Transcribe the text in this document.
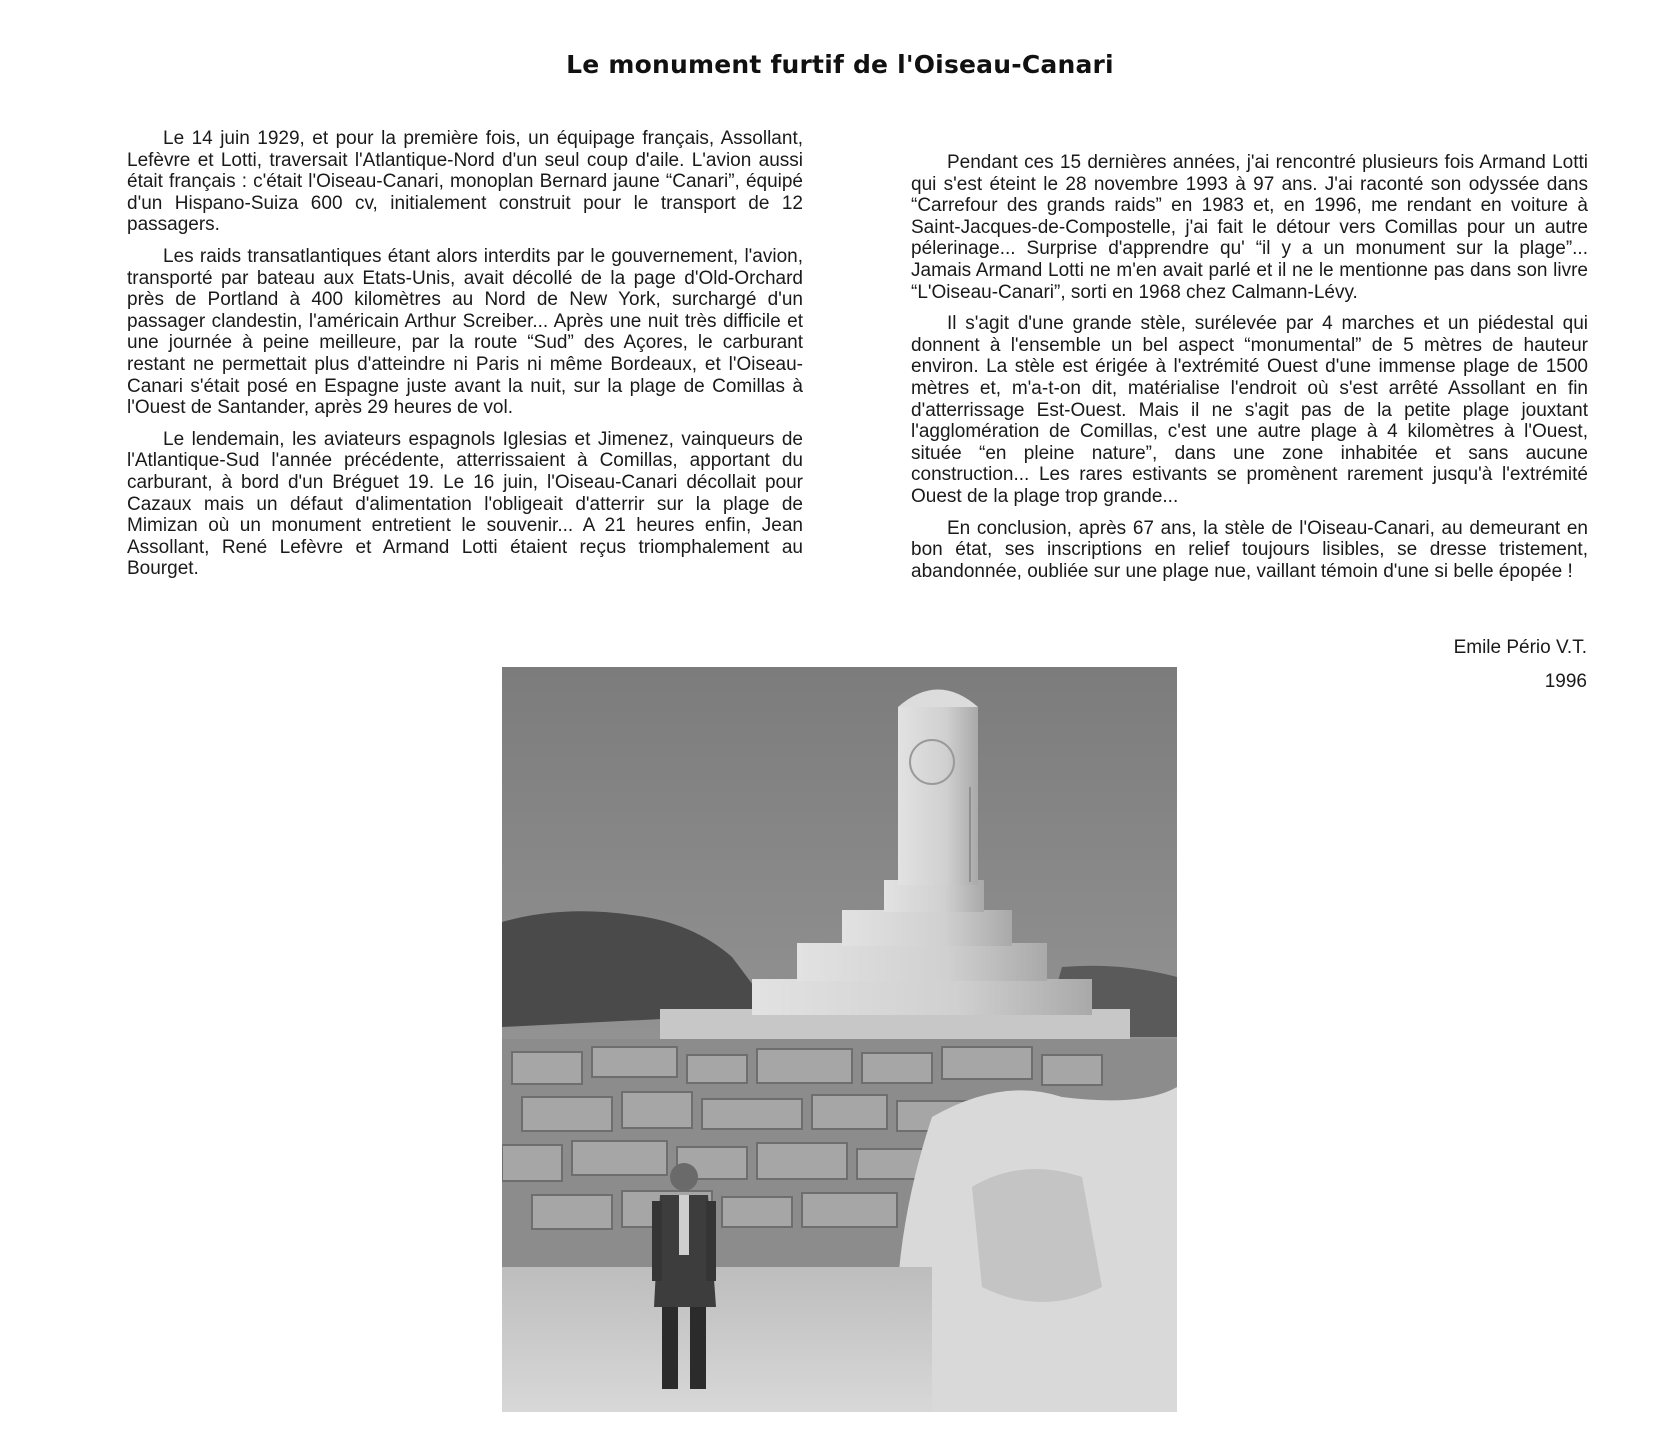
Le monument furtif de l'Oiseau-Canari

Le 14 juin 1929, et pour la première fois, un équipage français, Assollant, Lefèvre et Lotti, traversait l'Atlantique-Nord d'un seul coup d'aile. L'avion aussi était français : c'était l'Oiseau-Canari, monoplan Bernard jaune “Canari”, équipé d'un Hispano-Suiza 600 cv, initialement construit pour le transport de 12 passagers.

Les raids transatlantiques étant alors interdits par le gouvernement, l'avion, transporté par bateau aux Etats-Unis, avait décollé de la page d'Old-Orchard près de Portland à 400 kilomètres au Nord de New York, surchargé d'un passager clandestin, l'américain Arthur Screiber... Après une nuit très difficile et une journée à peine meilleure, par la route “Sud” des Açores, le carburant restant ne permettait plus d'atteindre ni Paris ni même Bordeaux, et l'Oiseau-Canari s'était posé en Espagne juste avant la nuit, sur la plage de Comillas à l'Ouest de Santander, après 29 heures de vol.

Le lendemain, les aviateurs espagnols Iglesias et Jimenez, vainqueurs de l'Atlantique-Sud l'année précédente, atterrissaient à Comillas, apportant du carburant, à bord d'un Bréguet 19. Le 16 juin, l'Oiseau-Canari décollait pour Cazaux mais un défaut d'alimentation l'obligeait d'atterrir sur la plage de Mimizan où un monument entretient le souvenir... A 21 heures enfin, Jean Assollant, René Lefèvre et Armand Lotti étaient reçus triomphalement au Bourget.

Pendant ces 15 dernières années, j'ai rencontré plusieurs fois Armand Lotti qui s'est éteint le 28 novembre 1993 à 97 ans. J'ai raconté son odyssée dans “Carrefour des grands raids” en 1983 et, en 1996, me rendant en voiture à Saint-Jacques-de-Compostelle, j'ai fait le détour vers Comillas pour un autre pélerinage... Surprise d'apprendre qu' “il y a un monument sur la plage”... Jamais Armand Lotti ne m'en avait parlé et il ne le mentionne pas dans son livre “L'Oiseau-Canari”, sorti en 1968 chez Calmann-Lévy.

Il s'agit d'une grande stèle, surélevée par 4 marches et un piédestal qui donnent à l'ensemble un bel aspect “monumental” de 5 mètres de hauteur environ. La stèle est érigée à l'extrémité Ouest d'une immense plage de 1500 mètres et, m'a-t-on dit, matérialise l'endroit où s'est arrêté Assollant en fin d'atterrissage Est-Ouest. Mais il ne s'agit pas de la petite plage jouxtant l'agglomération de Comillas, c'est une autre plage à 4 kilomètres à l'Ouest, située “en pleine nature”, dans une zone inhabitée et sans aucune construction... Les rares estivants se promènent rarement jusqu'à l'extrémité Ouest de la plage trop grande...

En conclusion, après 67 ans, la stèle de l'Oiseau-Canari, au demeurant en bon état, ses inscriptions en relief toujours lisibles, se dresse tristement, abandonnée, oubliée sur une plage nue, vaillant témoin d'une si belle épopée !

Emile Pério V.T.
1996
